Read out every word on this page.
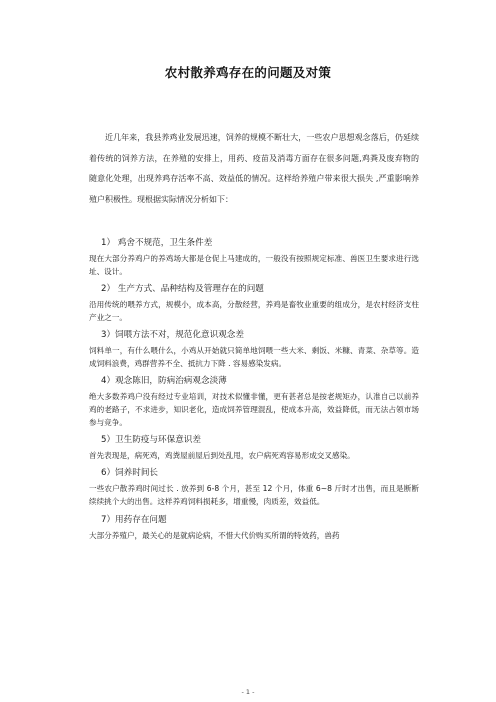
农村散养鸡存在的问题及对策
近几年来，我县养鸡业发展迅速，饲养的规模不断壮大，一些农户思想观念落后，仍延续着传统的饲养方法，在养殖的安排上，用药、疫苗及消毒方面存在很多问题,鸡粪及废弃物的随意化处理，出现养鸡存活率不高、效益低的情况。这样给养殖户带来很大损失 ,严重影响养殖户积极性。现根据实际情况分析如下：
1） 鸡舍不规范，卫生条件差
现在大部分养鸡户的养鸡场大都是仓促上马建成的，一般没有按照规定标准、兽医卫生要求进行选址、设计。
2） 生产方式、品种结构及管理存在的问题
沿用传统的喂养方式，规模小，成本高，分散经营，养鸡是畜牧业重要的组成分，是农村经济支柱产业之一。
3）饲喂方法不对，规范化意识观念差
饲料单一，有什么喂什么，小鸡从开始就只简单地饲喂一些大米、剩饭、米糠、青菜、杂草等。造成饲料浪费，鸡群营养不全、抵抗力下降 . 容易感染发病。
4）观念陈旧，防病治病观念淡薄
绝大多数养鸡户没有经过专业培训，对技术似懂非懂，更有甚者总是按老规矩办，认准自己以前养鸡的老路子，不求进步，知识老化，造成饲养管理混乱，使成本升高，效益降低，而无法占领市场参与竞争。
5）卫生防疫与环保意识差
首先表现是，病死鸡，鸡粪屋前屋后到处乱甩，农户病死鸡容易形成交叉感染。
6）饲养时间长
一些农户散养鸡时间过长 . 放养到 6-8 个月，甚至 12 个月，体重 6~8 斤时才出售，而且是断断续续挑个大的出售。这样养鸡饲料损耗多，增重慢，肉质差，效益低。
7）用药存在问题
大部分养殖户，最关心的是就病论病，不惜大代价购买所谓的特效药，兽药
- 1 -
